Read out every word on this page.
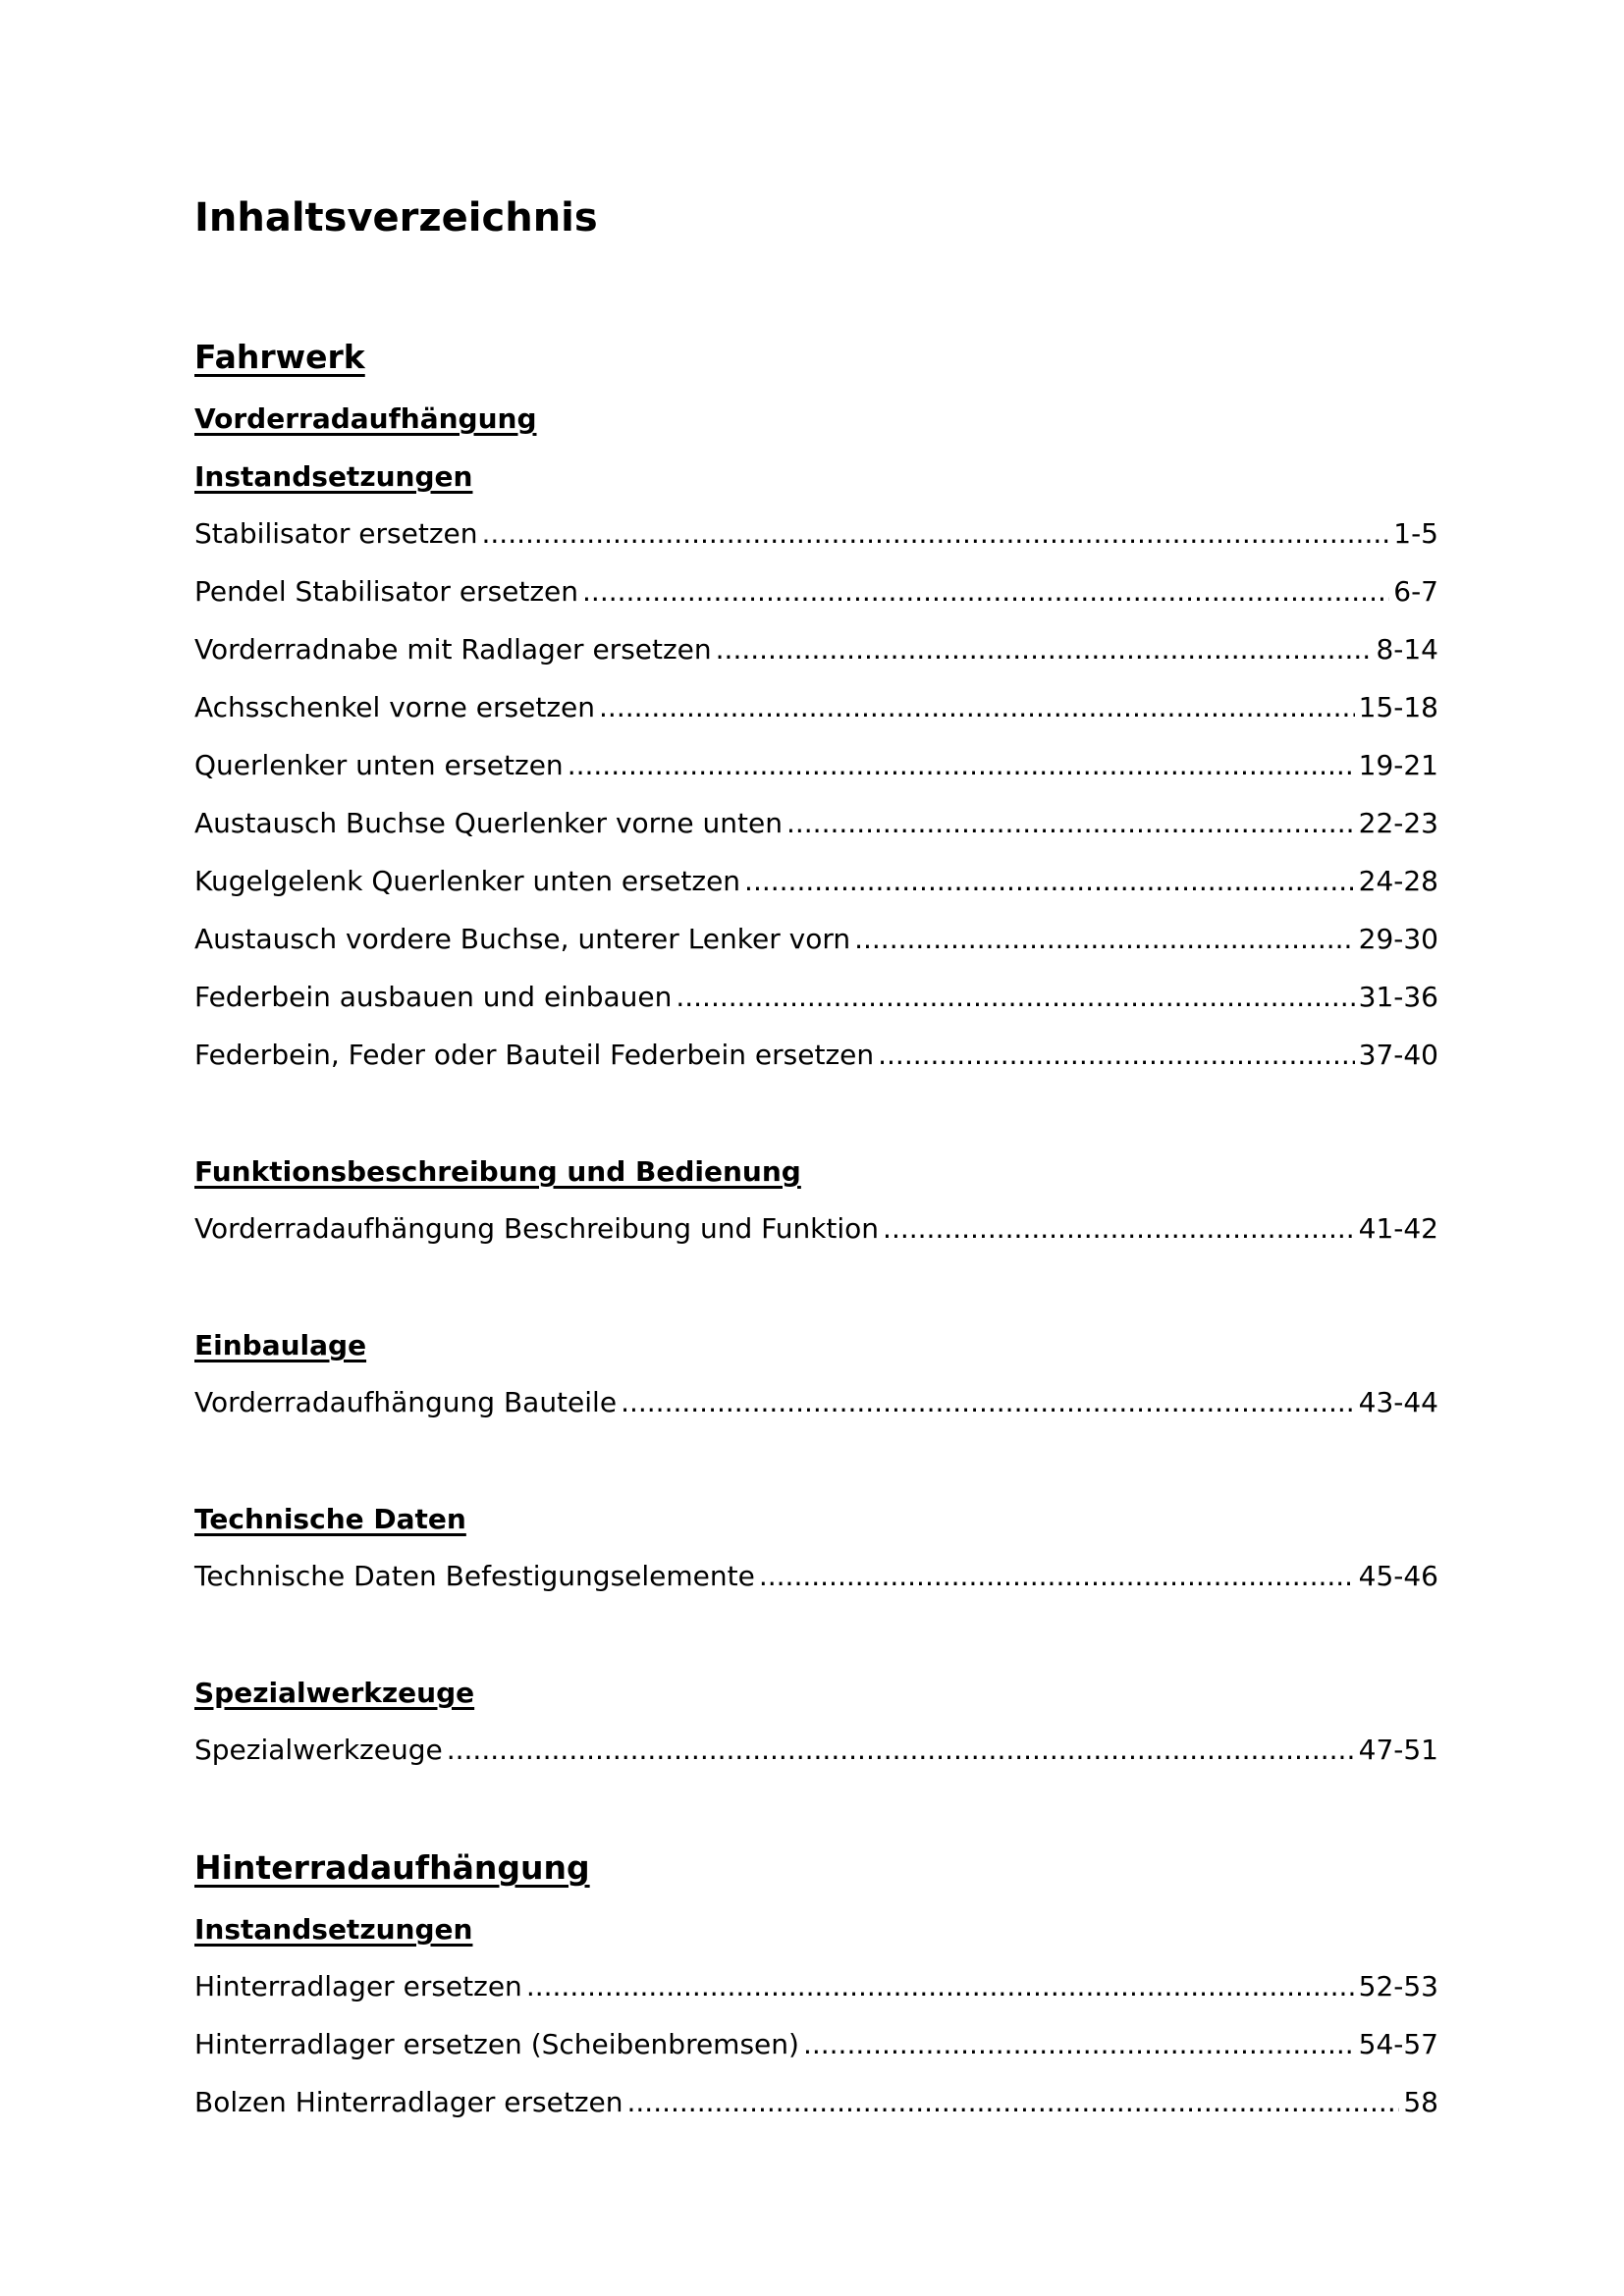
Inhaltsverzeichnis
Fahrwerk
Vorderradaufhängung
Instandsetzungen
Stabilisator ersetzen .....	1-5
Pendel Stabilisator ersetzen .....	6-7
Vorderradnabe mit Radlager ersetzen .....	8-14
Achsschenkel vorne ersetzen .....	15-18
Querlenker unten ersetzen .....	19-21
Austausch Buchse Querlenker vorne unten .....	22-23
Kugelgelenk Querlenker unten ersetzen .....	24-28
Austausch vordere Buchse, unterer Lenker vorn .....	29-30
Federbein ausbauen und einbauen .....	31-36
Federbein, Feder oder Bauteil Federbein ersetzen .....	37-40
Funktionsbeschreibung und Bedienung
Vorderradaufhängung Beschreibung und Funktion .....	41-42
Einbaulage
Vorderradaufhängung Bauteile .....	43-44
Technische Daten
Technische Daten Befestigungselemente .....	45-46
Spezialwerkzeuge
Spezialwerkzeuge .....	47-51
Hinterradaufhängung
Instandsetzungen
Hinterradlager ersetzen .....	52-53
Hinterradlager ersetzen (Scheibenbremsen) .....	54-57
Bolzen Hinterradlager ersetzen .....	58
